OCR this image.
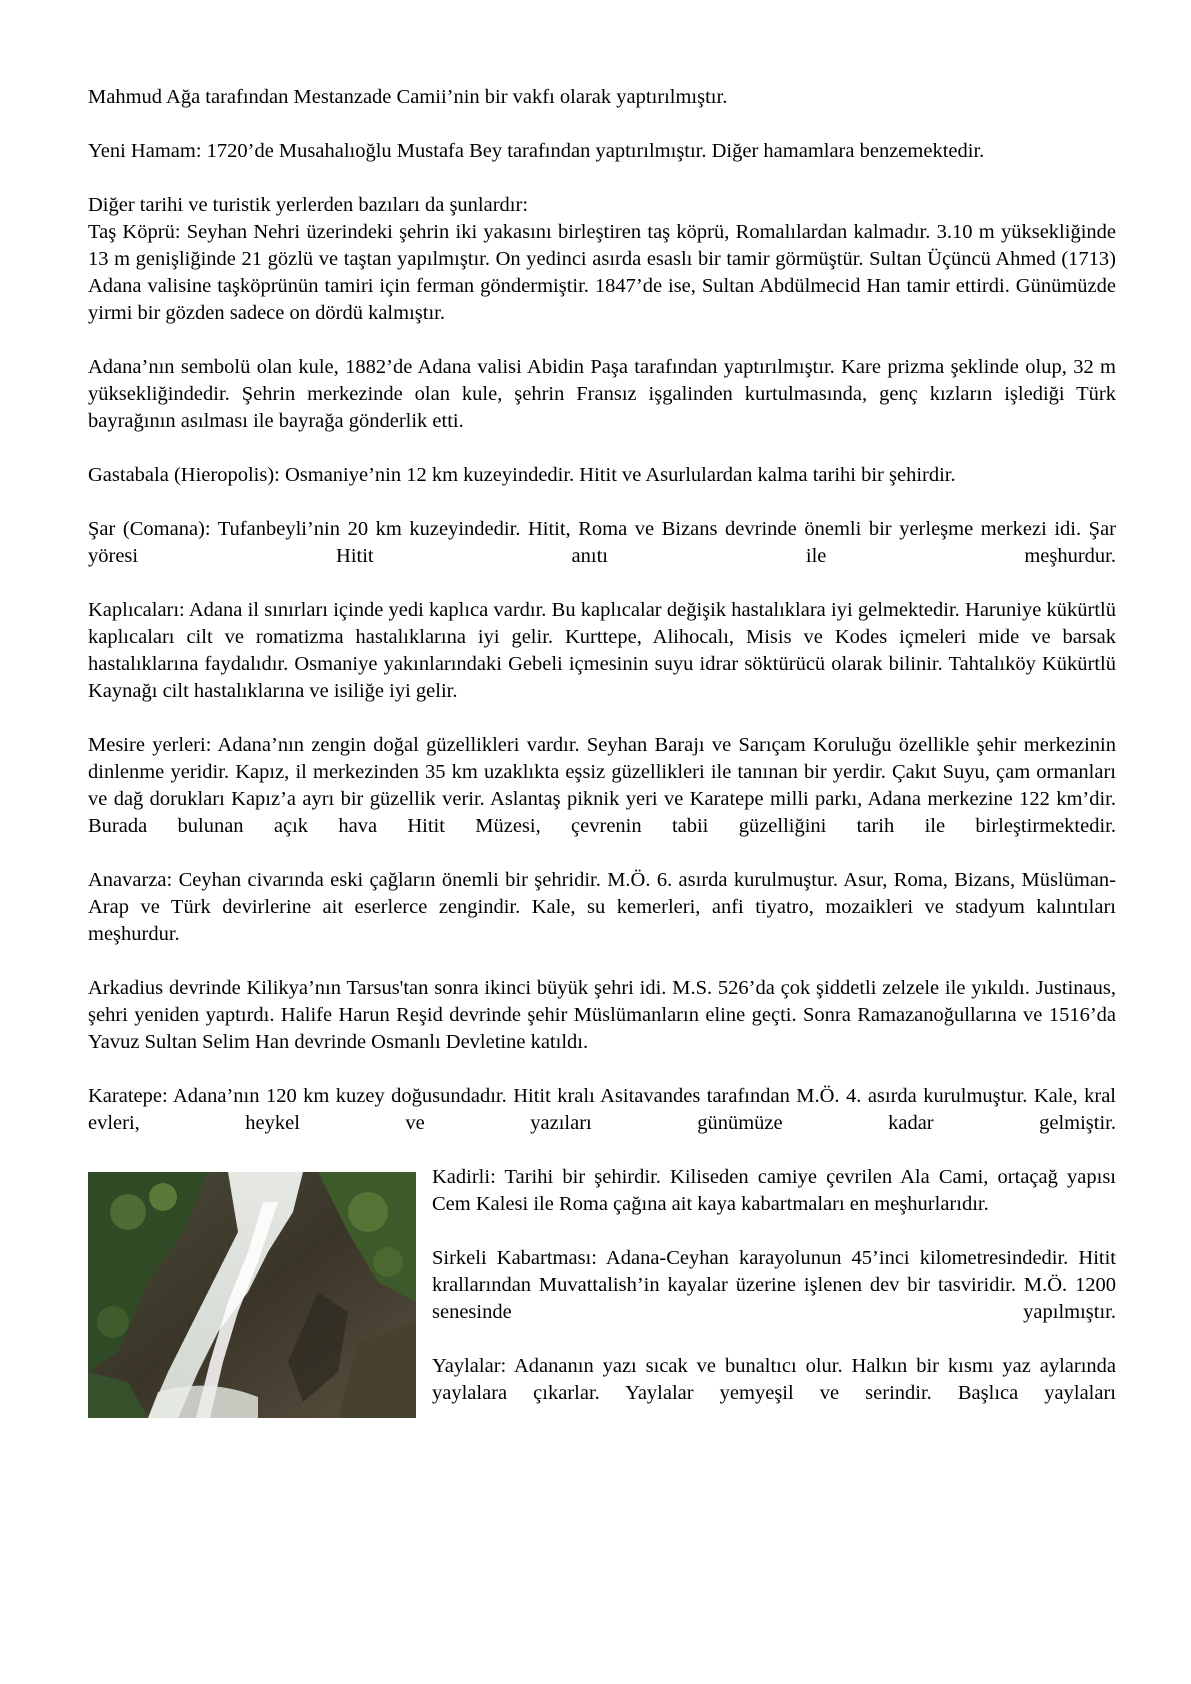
Mahmud Ağa tarafından Mestanzade Camii’nin bir vakfı olarak yaptırılmıştır.

Yeni Hamam: 1720’de Musahalıoğlu Mustafa Bey tarafından yaptırılmıştır. Diğer hamamlara benzemektedir.

Diğer tarihi ve turistik yerlerden bazıları da şunlardır:

Taş Köprü: Seyhan Nehri üzerindeki şehrin iki yakasını birleştiren taş köprü, Romalılardan kalmadır. 3.10 m yüksekliğinde 13 m genişliğinde 21 gözlü ve taştan yapılmıştır. On yedinci asırda esaslı bir tamir görmüştür. Sultan Üçüncü Ahmed (1713) Adana valisine taşköprünün tamiri için ferman göndermiştir. 1847’de ise, Sultan Abdülmecid Han tamir ettirdi. Günümüzde yirmi bir gözden sadece on dördü kalmıştır.

Adana’nın sembolü olan kule, 1882’de Adana valisi Abidin Paşa tarafından yaptırılmıştır. Kare prizma şeklinde olup, 32 m yüksekliğindedir. Şehrin merkezinde olan kule, şehrin Fransız işgalinden kurtulmasında, genç kızların işlediği Türk bayrağının asılması ile bayrağa gönderlik etti.

Gastabala (Hieropolis): Osmaniye’nin 12 km kuzeyindedir. Hitit ve Asurlulardan kalma tarihi bir şehirdir.

Şar (Comana): Tufanbeyli’nin 20 km kuzeyindedir. Hitit, Roma ve Bizans devrinde önemli bir yerleşme merkezi idi. Şar yöresi Hitit anıtı ile meşhurdur.

Kaplıcaları: Adana il sınırları içinde yedi kaplıca vardır. Bu kaplıcalar değişik hastalıklara iyi gelmektedir. Haruniye kükürtlü kaplıcaları cilt ve romatizma hastalıklarına iyi gelir. Kurttepe, Alihocalı, Misis ve Kodes içmeleri mide ve barsak hastalıklarına faydalıdır. Osmaniye yakınlarındaki Gebeli içmesinin suyu idrar söktürücü olarak bilinir. Tahtalıköy Kükürtlü Kaynağı cilt hastalıklarına ve isiliğe iyi gelir.

Mesire yerleri: Adana’nın zengin doğal güzellikleri vardır. Seyhan Barajı ve Sarıçam Koruluğu özellikle şehir merkezinin dinlenme yeridir. Kapız, il merkezinden 35 km uzaklıkta eşsiz güzellikleri ile tanınan bir yerdir. Çakıt Suyu, çam ormanları ve dağ dorukları Kapız’a ayrı bir güzellik verir. Aslantaş piknik yeri ve Karatepe milli parkı, Adana merkezine 122 km’dir. Burada bulunan açık hava Hitit Müzesi, çevrenin tabii güzelliğini tarih ile birleştirmektedir.

Anavarza: Ceyhan civarında eski çağların önemli bir şehridir. M.Ö. 6. asırda kurulmuştur. Asur, Roma, Bizans, Müslüman-Arap ve Türk devirlerine ait eserlerce zengindir. Kale, su kemerleri, anfi tiyatro, mozaikleri ve stadyum kalıntıları meşhurdur.

Arkadius devrinde Kilikya’nın Tarsus'tan sonra ikinci büyük şehri idi. M.S. 526’da çok şiddetli zelzele ile yıkıldı. Justinaus, şehri yeniden yaptırdı. Halife Harun Reşid devrinde şehir Müslümanların eline geçti. Sonra Ramazanoğullarına ve 1516’da Yavuz Sultan Selim Han devrinde Osmanlı Devletine katıldı.

Karatepe: Adana’nın 120 km kuzey doğusundadır. Hitit kralı Asitavandes tarafından M.Ö. 4. asırda kurulmuştur. Kale, kral evleri, heykel ve yazıları günümüze kadar gelmiştir.

Kadirli: Tarihi bir şehirdir. Kiliseden camiye çevrilen Ala Cami, ortaçağ yapısı Cem Kalesi ile Roma çağına ait kaya kabartmaları en meşhurlarıdır.

Sirkeli Kabartması: Adana-Ceyhan karayolunun 45’inci kilometresindedir. Hitit krallarından Muvattalish’in kayalar üzerine işlenen dev bir tasviridir. M.Ö. 1200 senesinde yapılmıştır.

Yaylalar: Adananın yazı sıcak ve bunaltıcı olur. Halkın bir kısmı yaz aylarında yaylalara çıkarlar. Yaylalar yemyeşil ve serindir. Başlıca yaylaları
